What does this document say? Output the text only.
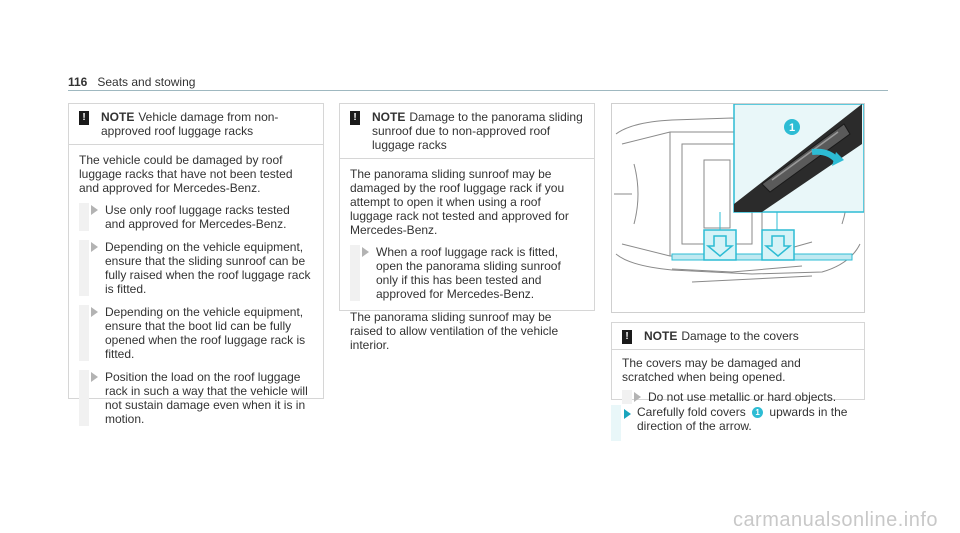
116 Seats and stowing
! NOTE Vehicle damage from non-approved roof luggage racks

The vehicle could be damaged by roof luggage racks that have not been tested and approved for Mercedes-Benz.

Use only roof luggage racks tested and approved for Mercedes-Benz.
Depending on the vehicle equipment, ensure that the sliding sunroof can be fully raised when the roof luggage rack is fitted.
Depending on the vehicle equipment, ensure that the boot lid can be fully opened when the roof luggage rack is fitted.
Position the load on the roof luggage rack in such a way that the vehicle will not sustain damage even when it is in motion.
! NOTE Damage to the panorama sliding sunroof due to non-approved roof luggage racks

The panorama sliding sunroof may be damaged by the roof luggage rack if you attempt to open it when using a roof luggage rack not tested and approved for Mercedes-Benz.

When a roof luggage rack is fitted, open the panorama sliding sunroof only if this has been tested and approved for Mercedes-Benz.

The panorama sliding sunroof may be raised to allow ventilation of the vehicle interior.

1
! NOTE Damage to the covers

The covers may be damaged and scratched when being opened.

Do not use metallic or hard objects.
Carefully fold covers 1 upwards in the direction of the arrow.
carmanualsonline.info
